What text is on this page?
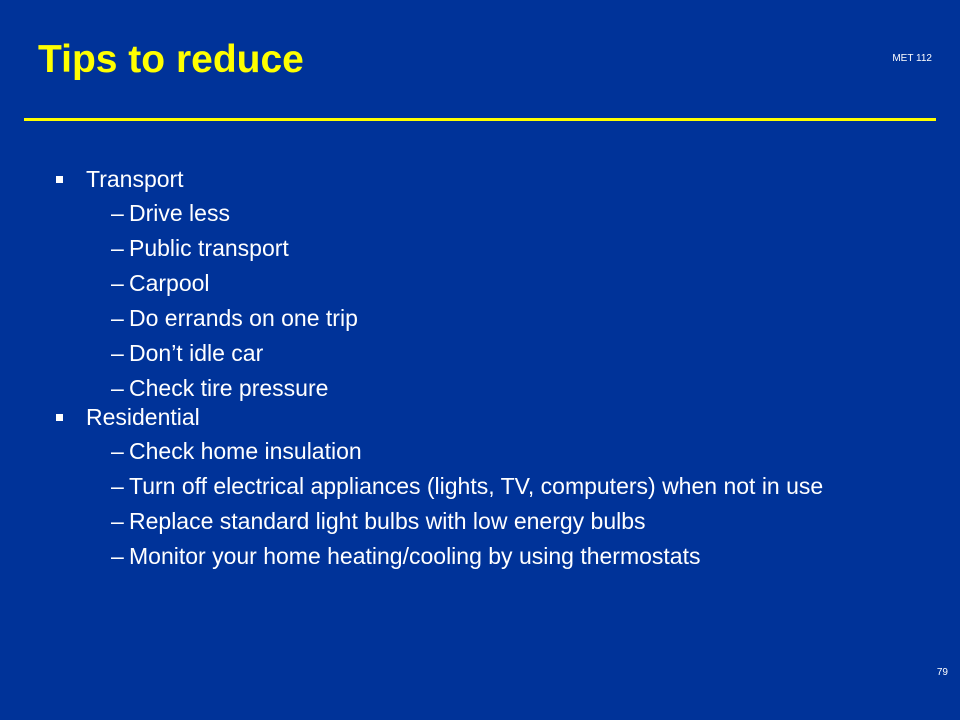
Tips to reduce	MET 112
Transport
– Drive less
– Public transport
– Carpool
– Do errands on one trip
– Don’t idle car
– Check tire pressure
Residential
– Check home insulation
– Turn off electrical appliances (lights, TV, computers) when not in use
– Replace standard light bulbs with low energy bulbs
– Monitor your home heating/cooling by using thermostats
79
